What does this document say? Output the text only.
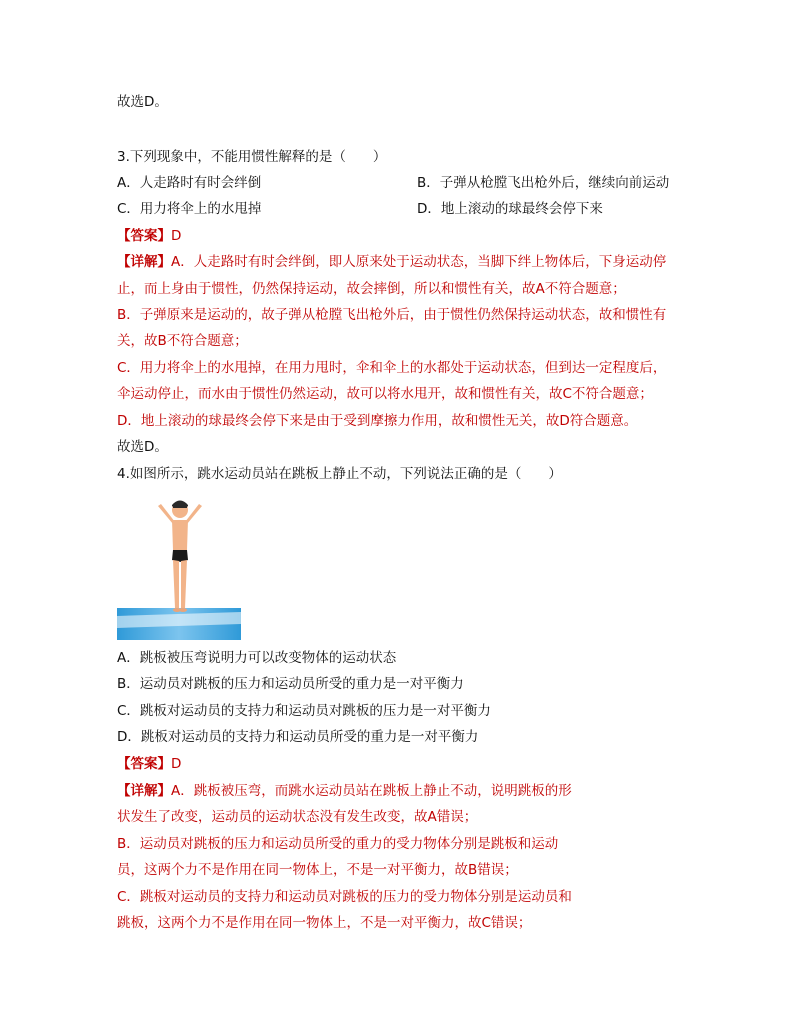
故选D。
3.下列现象中，不能用惯性解释的是（　　）
A．人走路时有时会绊倒	B．子弹从枪膛飞出枪外后，继续向前运动
C．用力将伞上的水甩掉	D．地上滚动的球最终会停下来
【答案】D
【详解】A．人走路时有时会绊倒，即人原来处于运动状态，当脚下绊上物体后，下身运动停
止，而上身由于惯性，仍然保持运动，故会摔倒，所以和惯性有关，故A不符合题意；
B．子弹原来是运动的，故子弹从枪膛飞出枪外后，由于惯性仍然保持运动状态，故和惯性有
关，故B不符合题意；
C．用力将伞上的水甩掉，在用力甩时，伞和伞上的水都处于运动状态，但到达一定程度后，
伞运动停止，而水由于惯性仍然运动，故可以将水甩开，故和惯性有关，故C不符合题意；
D．地上滚动的球最终会停下来是由于受到摩擦力作用，故和惯性无关，故D符合题意。
故选D。
4.如图所示，跳水运动员站在跳板上静止不动，下列说法正确的是（　　）
A．跳板被压弯说明力可以改变物体的运动状态
B．运动员对跳板的压力和运动员所受的重力是一对平衡力
C．跳板对运动员的支持力和运动员对跳板的压力是一对平衡力
D．跳板对运动员的支持力和运动员所受的重力是一对平衡力
【答案】D
【详解】A．跳板被压弯，而跳水运动员站在跳板上静止不动，说明跳板的形
状发生了改变，运动员的运动状态没有发生改变，故A错误；
B．运动员对跳板的压力和运动员所受的重力的受力物体分别是跳板和运动
员，这两个力不是作用在同一物体上，不是一对平衡力，故B错误；
C．跳板对运动员的支持力和运动员对跳板的压力的受力物体分别是运动员和
跳板，这两个力不是作用在同一物体上，不是一对平衡力，故C错误；
